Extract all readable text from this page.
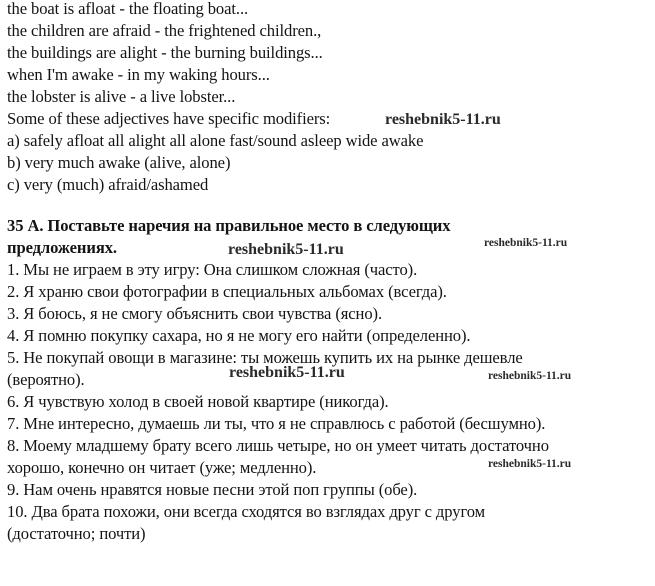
the boat is afloat - the floating boat...
the children are afraid - the frightened children.,
the buildings are alight - the burning buildings...
when I'm awake - in my waking hours...
the lobster is alive - a live lobster...
Some of these adjectives have specific modifiers:
a) safely afloat all alight all alone fast/sound asleep wide awake
b) very much awake (alive, alone)
c) very (much) afraid/ashamed
35 А. Поставьте наречия на правильное место в следующих
предложениях.
1. Мы не играем в эту игру: Она слишком сложная (часто).
2. Я храню свои фотографии в специальных альбомах (всегда).
3. Я боюсь, я не смогу объяснить свои чувства (ясно).
4. Я помню покупку сахара, но я не могу его найти (определенно).
5. Не покупай овощи в магазине: ты можешь купить их на рынке дешевле
(вероятно).
6. Я чувствую холод в своей новой квартире (никогда).
7. Мне интересно, думаешь ли ты, что я не справлюсь с работой (бесшумно).
8. Моему младшему брату всего лишь четыре, но он умеет читать достаточно
хорошо, конечно он читает (уже; медленно).
9. Нам очень нравятся новые песни этой поп группы (обе).
10. Два брата похожи, они всегда сходятся во взглядах друг с другом
(достаточно; почти)
reshebnik5-11.ru
reshebnik5-11.ru	reshebnik5-11.ru
reshebnik5-11.ru	reshebnik5-11.ru
reshebnik5-11.ru
